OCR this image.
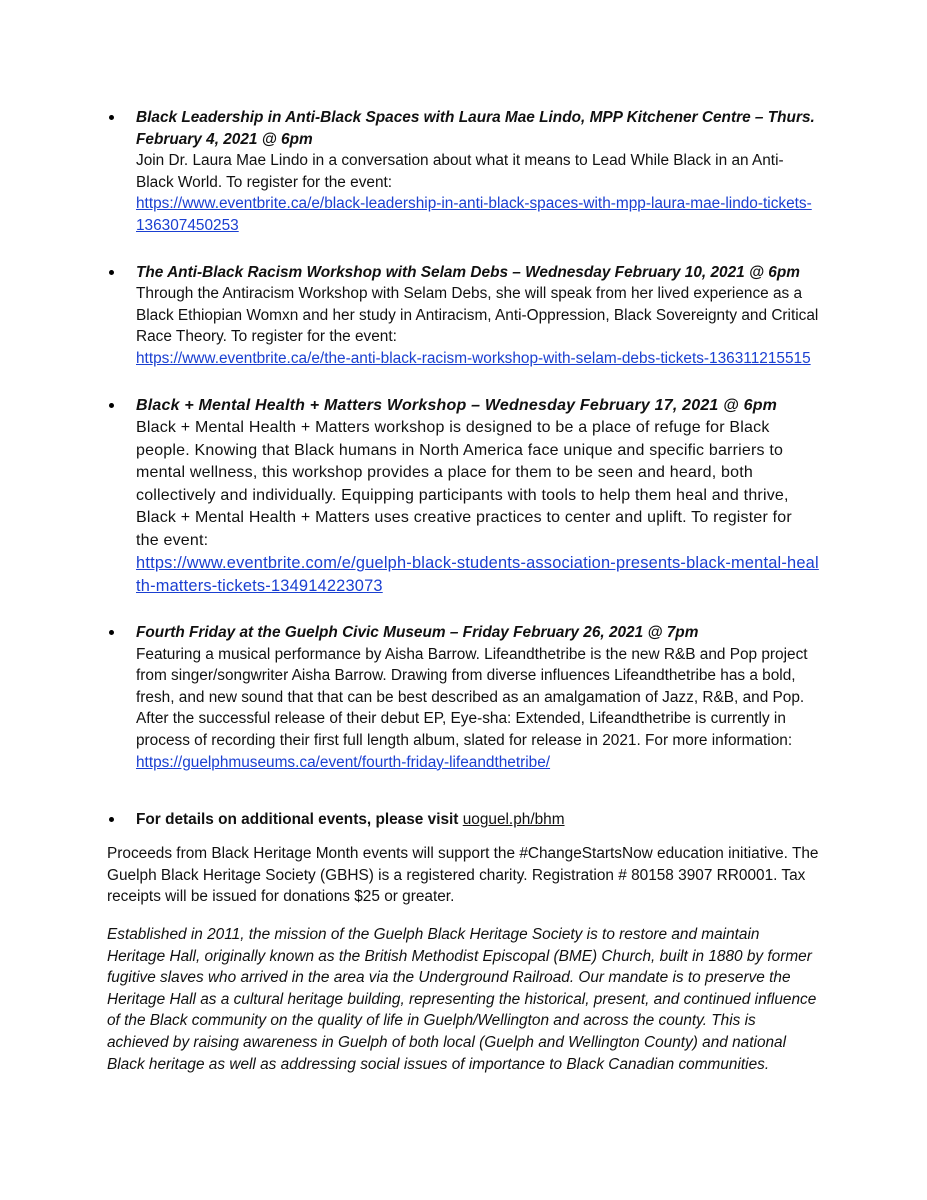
Black Leadership in Anti-Black Spaces with Laura Mae Lindo, MPP Kitchener Centre – Thurs. February 4, 2021 @ 6pm
Join Dr. Laura Mae Lindo in a conversation about what it means to Lead While Black in an Anti-Black World. To register for the event:
https://www.eventbrite.ca/e/black-leadership-in-anti-black-spaces-with-mpp-laura-mae-lindo-tickets-136307450253
The Anti-Black Racism Workshop with Selam Debs – Wednesday February 10, 2021 @ 6pm
Through the Antiracism Workshop with Selam Debs, she will speak from her lived experience as a Black Ethiopian Womxn and her study in Antiracism, Anti-Oppression, Black Sovereignty and Critical Race Theory. To register for the event:
https://www.eventbrite.ca/e/the-anti-black-racism-workshop-with-selam-debs-tickets-136311215515
Black + Mental Health + Matters Workshop – Wednesday February 17, 2021 @ 6pm
Black + Mental Health + Matters workshop is designed to be a place of refuge for Black people. Knowing that Black humans in North America face unique and specific barriers to mental wellness, this workshop provides a place for them to be seen and heard, both collectively and individually. Equipping participants with tools to help them heal and thrive, Black + Mental Health + Matters uses creative practices to center and uplift. To register for the event:
https://www.eventbrite.com/e/guelph-black-students-association-presents-black-mental-health-matters-tickets-134914223073
Fourth Friday at the Guelph Civic Museum – Friday February 26, 2021 @ 7pm
Featuring a musical performance by Aisha Barrow. Lifeandthetribe is the new R&B and Pop project from singer/songwriter Aisha Barrow. Drawing from diverse influences Lifeandthetribe has a bold, fresh, and new sound that that can be best described as an amalgamation of Jazz, R&B, and Pop. After the successful release of their debut EP, Eye-sha: Extended, Lifeandthetribe is currently in process of recording their first full length album, slated for release in 2021. For more information:
https://guelphmuseums.ca/event/fourth-friday-lifeandthetribe/
For details on additional events, please visit uoguel.ph/bhm

Proceeds from Black Heritage Month events will support the #ChangeStartsNow education initiative. The Guelph Black Heritage Society (GBHS) is a registered charity. Registration # 80158 3907 RR0001. Tax receipts will be issued for donations $25 or greater.

Established in 2011, the mission of the Guelph Black Heritage Society is to restore and maintain Heritage Hall, originally known as the British Methodist Episcopal (BME) Church, built in 1880 by former fugitive slaves who arrived in the area via the Underground Railroad. Our mandate is to preserve the Heritage Hall as a cultural heritage building, representing the historical, present, and continued influence of the Black community on the quality of life in Guelph/Wellington and across the county. This is achieved by raising awareness in Guelph of both local (Guelph and Wellington County) and national Black heritage as well as addressing social issues of importance to Black Canadian communities.
